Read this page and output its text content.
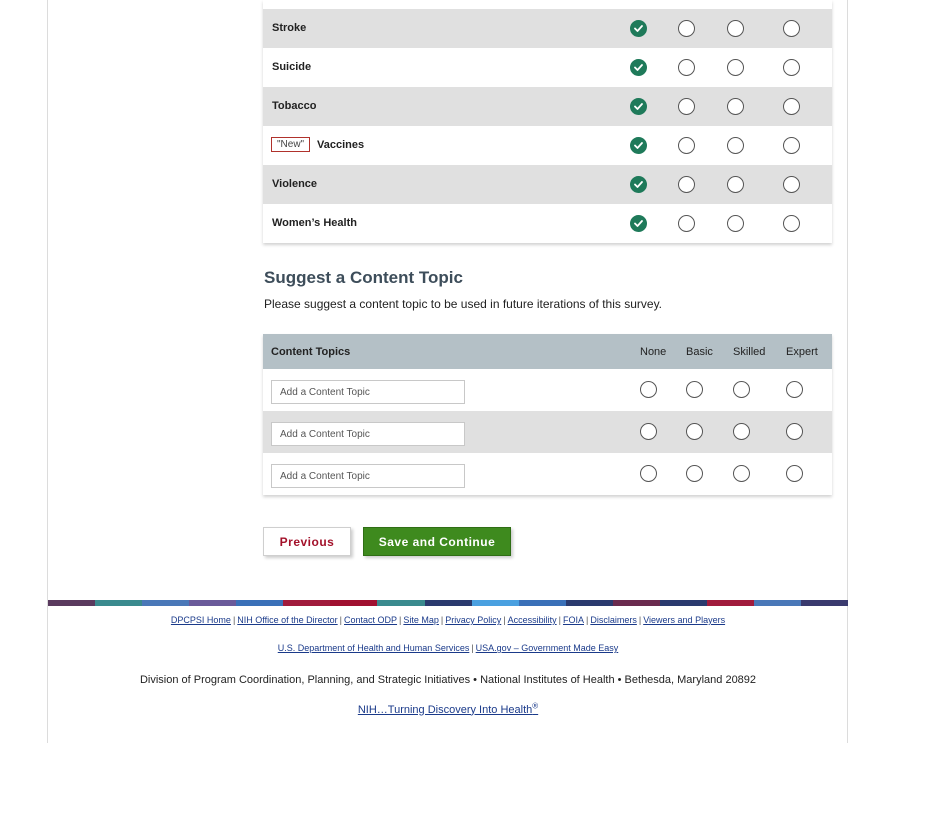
Stroke
Suicide
Tobacco
"New"	Vaccines
Violence
Women’s Health
Suggest a Content Topic
Please suggest a content topic to be used in future iterations of this survey.
Content Topics	None Basic Skilled Expert
Add a Content Topic
Add a Content Topic
Add a Content Topic
Previous	Save and Continue
DPCPSI Home | NIH Office of the Director | Contact ODP | Site Map | Privacy Policy | Accessibility | FOIA | Disclaimers | Viewers and Players
U.S. Department of Health and Human Services | USA.gov – Government Made Easy
Division of Program Coordination, Planning, and Strategic Initiatives • National Institutes of Health • Bethesda, Maryland 20892
NIH…Turning Discovery Into Health®
